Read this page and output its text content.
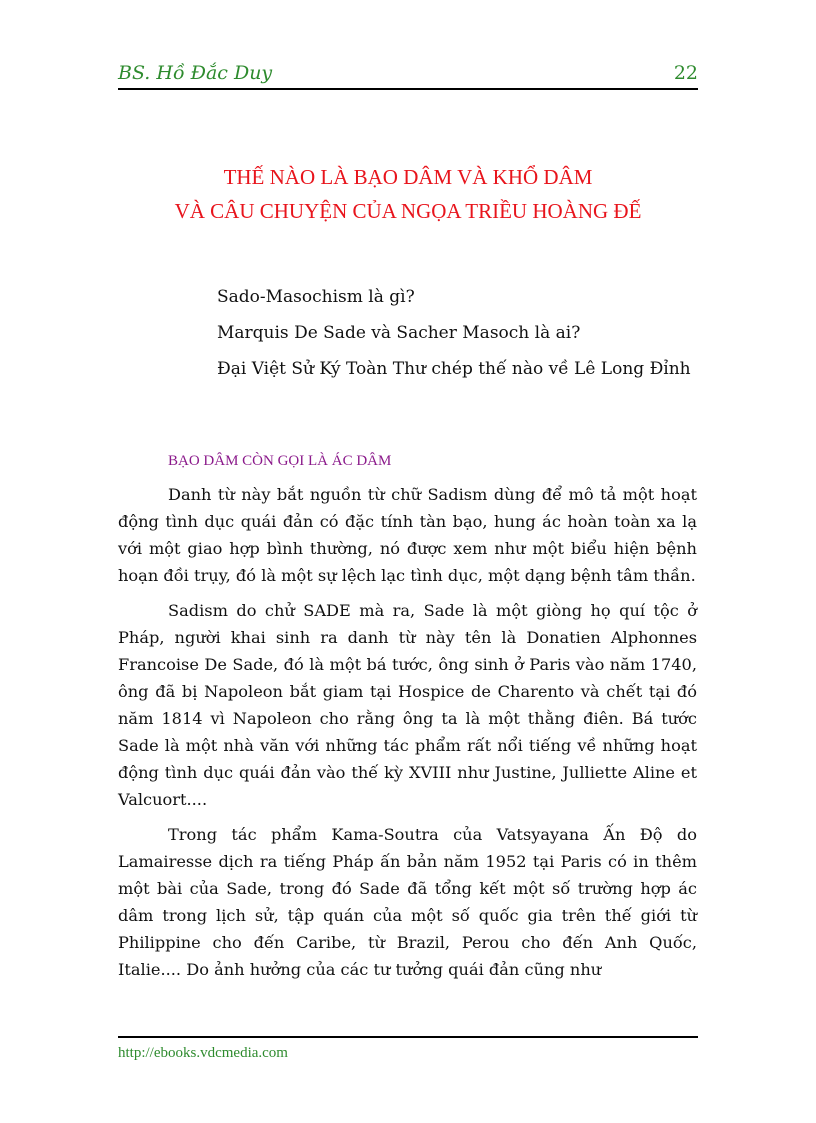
BS. Hồ Đắc Duy	22
THẾ NÀO LÀ BẠO DÂM VÀ KHỔ DÂM
VÀ CÂU CHUYỆN CỦA NGỌA TRIỀU HOÀNG ĐẾ

Sado-Masochism là gì?

Marquis De Sade và Sacher Masoch là ai?

Đại Việt Sử Ký Toàn Thư chép thế nào về Lê Long Đỉnh

BẠO DÂM CÒN GỌI LÀ ÁC DÂM

Danh từ này bắt nguồn từ chữ Sadism dùng để mô tả một hoạt động tình dục quái đản có đặc tính tàn bạo, hung ác hoàn toàn xa lạ với một giao hợp bình thường, nó được xem như một biểu hiện bệnh hoạn đồi trụy, đó là một sự lệch lạc tình dục, một dạng bệnh tâm thần.

Sadism do chử SADE mà ra, Sade là một giòng họ quí tộc ở Pháp, người khai sinh ra danh từ này tên là Donatien Alphonnes Francoise De Sade, đó là một bá tước, ông sinh ở Paris vào năm 1740, ông đã bị Napoleon bắt giam tại Hospice de Charento và chết tại đó năm 1814 vì Napoleon cho rằng ông ta là một thằng điên. Bá tước Sade là một nhà văn với những tác phẩm rất nổi tiếng về những hoạt động tình dục quái đản vào thế kỳ XVIII như Justine, Julliette Aline et Valcuort....

Trong tác phẩm Kama-Soutra của Vatsyayana Ấn Độ do Lamairesse dịch ra tiếng Pháp ấn bản năm 1952 tại Paris có in thêm một bài của Sade, trong đó Sade đã tổng kết một số trường hợp ác dâm trong lịch sử, tập quán của một số quốc gia trên thế giới từ Philippine cho đến Caribe, từ Brazil, Perou cho đến Anh Quốc, Italie.... Do ảnh hưởng của các tư tưởng quái đản cũng như

http://ebooks.vdcmedia.com
